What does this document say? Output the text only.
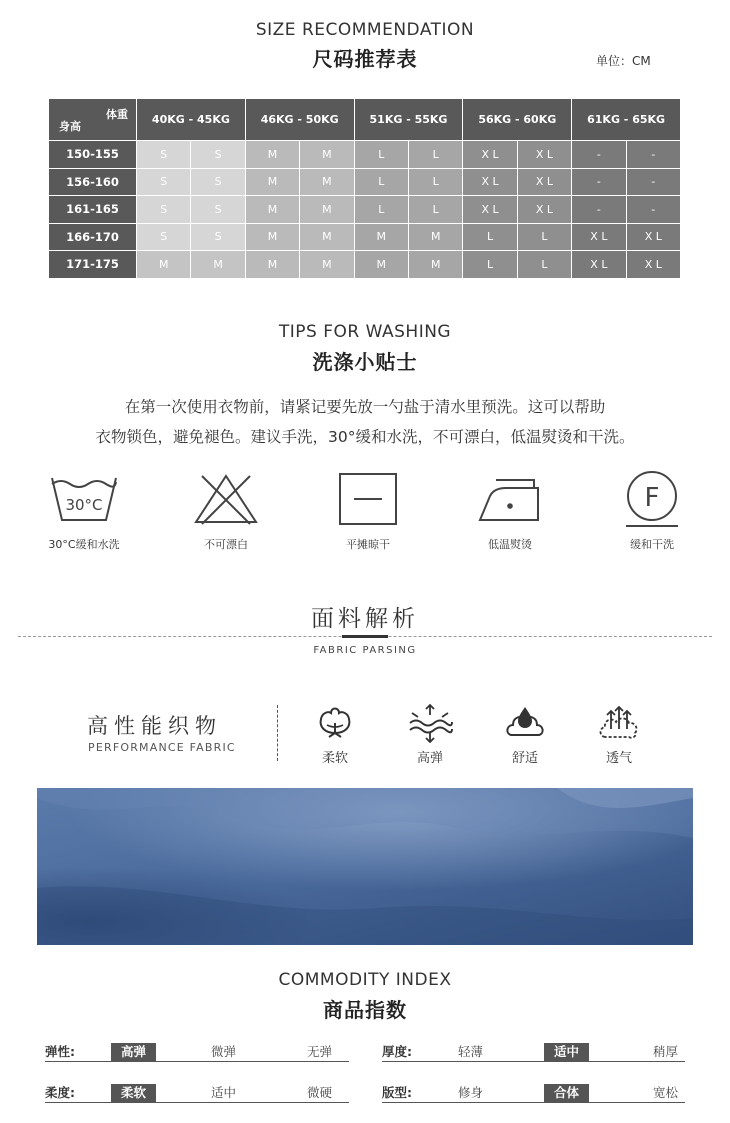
SIZE RECOMMENDATION
尺码推荐表	单位：CM
体重
身高	40KG - 45KG		46KG - 50KG		51KG - 55KG		56KG - 60KG		61KG - 65KG	
150-155	S	S	M	M	L	L	X L	X L	-	-
156-160	S	S	M	M	L	L	X L	X L	-	-
161-165	S	S	M	M	L	L	X L	X L	-	-
166-170	S	S	M	M	M	M	L	L	X L	X L
171-175	M	M	M	M	M	M	L	L	X L	X L
TIPS FOR WASHING
洗涤小贴士
在第一次使用衣物前，请紧记要先放一勺盐于清水里预洗。这可以帮助
衣物锁色，避免褪色。建议手洗，30°缓和水洗，不可漂白，低温熨烫和干洗。
30°C
30°C缓和水洗	不可漂白	平摊晾干	低温熨烫
F
缓和干洗
面料解析
FABRIC PARSING
高性能织物
PERFORMANCE FABRIC
柔软	高弹	舒适	透气
COMMODITY INDEX
商品指数
弹性:	高弹	微弹	无弹	厚度:	轻薄	适中	稍厚
柔度:	柔软	适中	微硬	版型:	修身	合体	宽松
